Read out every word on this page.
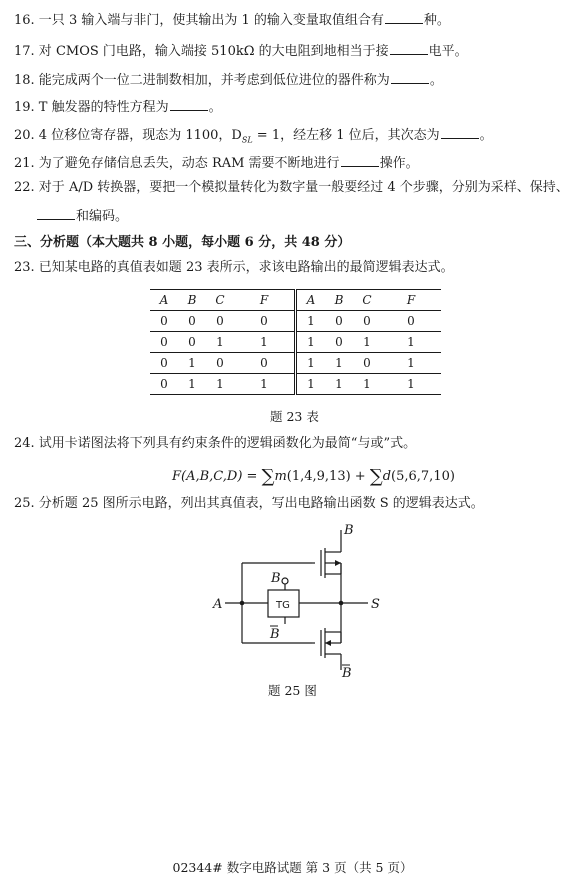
16. 一只 3 输入端与非门，使其输出为 1 的输入变量取值组合有	种。
17. 对 CMOS 门电路，输入端接 510kΩ 的大电阻到地相当于接	电平。
18. 能完成两个一位二进制数相加，并考虑到低位进位的器件称为	。
19. T 触发器的特性方程为	。
20. 4 位移位寄存器，现态为 1100，$D_{SL} = 1$，经左移 1 位后，其次态为	。
21. 为了避免存储信息丢失，动态 RAM 需要不断地进行	操作。
22. 对于 A/D 转换器，要把一个模拟量转化为数字量一般要经过 4 个步骤，分别为采样、保持、
和编码。
三、分析题（本大题共 8 小题，每小题 6 分，共 48 分）
23. 已知某电路的真值表如题 23 表所示，求该电路输出的最简逻辑表达式。
A	B	C	F	A	B	C	F
0	0	0	0	1	0	0	0
0	0	1	1	1	0	1	1
0	1	0	0	1	1	0	1
0	1	1	1	1	1	1	1
题 23 表
24. 试用卡诺图法将下列具有约束条件的逻辑函数化为最简“与或”式。
F(A,B,C,D) = ∑m(1,4,9,13) + ∑d(5,6,7,10)
25. 分析题 25 图所示电路，列出其真值表，写出电路输出函数 S 的逻辑表达式。
A	S
B
B
B
B
TG
题 25 图
02344# 数字电路试题 第 3 页（共 5 页）
